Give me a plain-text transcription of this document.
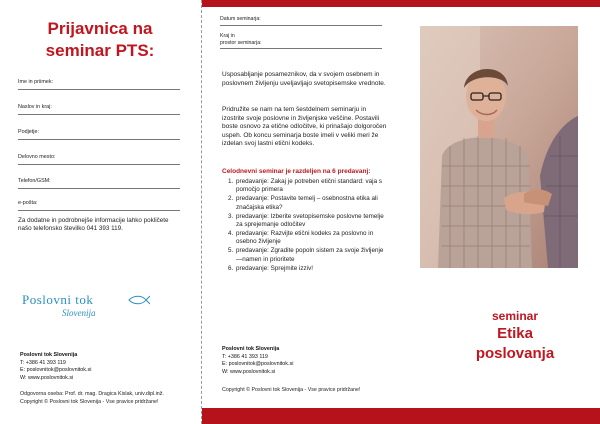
Prijavnica na
seminar PTS:
Ime in priimek:
Naslov in kraj:
Podjetje:
Delovno mesto:
Telefon/GSM:
e-pošta:
Za dodatne in podrobnejše informacije lahko pokličete našo telefonsko številko 041 393 119.
Poslovni tok
Slovenija
Poslovni tok Slovenija
T: +386 41 393 119
E: poslovnitok@poslovnitok.si
W: www.poslovnitok.si
Odgovorna oseba: Prof. dr. mag. Dragica Kislak, univ.dipl.inž.
Copyright © Poslovni tok Slovenija - Vse pravice pridržane!
Datum seminarja:
Kraj in
prostor seminarja:
Usposabljanje posameznikov, da v svojem osebnem in poslovnem življenju uveljavljajo svetopisemske vrednote.
Pridružite se nam na tem šestdelnem seminarju in izostrite svoje poslovne in življenjske veščine. Postavili boste osnovo za etične odločitve, ki prinašajo dolgoročen uspeh. Ob koncu seminarja boste imeli v veliki meri že izdelan svoj lastni etični kodeks.
Celodnevni seminar je razdeljen na 6 predavanj:
1. predavanje: Zakaj je potreben etični standard: vaja s pomočjo primera
2. predavanje: Postavite temelj – osebnostna etika ali značajska etika?
3. predavanje: Izberite svetopisemske poslovne temelje za sprejemanje odločitev
4. predavanje: Razvijte etični kodeks za poslovno in osebno življenje
5. predavanje: Zgradite popoln sistem za svoje življenje—namen in prioritete
6. predavanje: Sprejmite izziv!
Poslovni tok Slovenija
T: +386 41 393 119
E: poslovnitok@poslovnitok.si
W: www.poslovnitok.si
Copyright © Poslovni tok Slovenija - Vse pravice pridržane!
seminar
Etika
poslovanja
